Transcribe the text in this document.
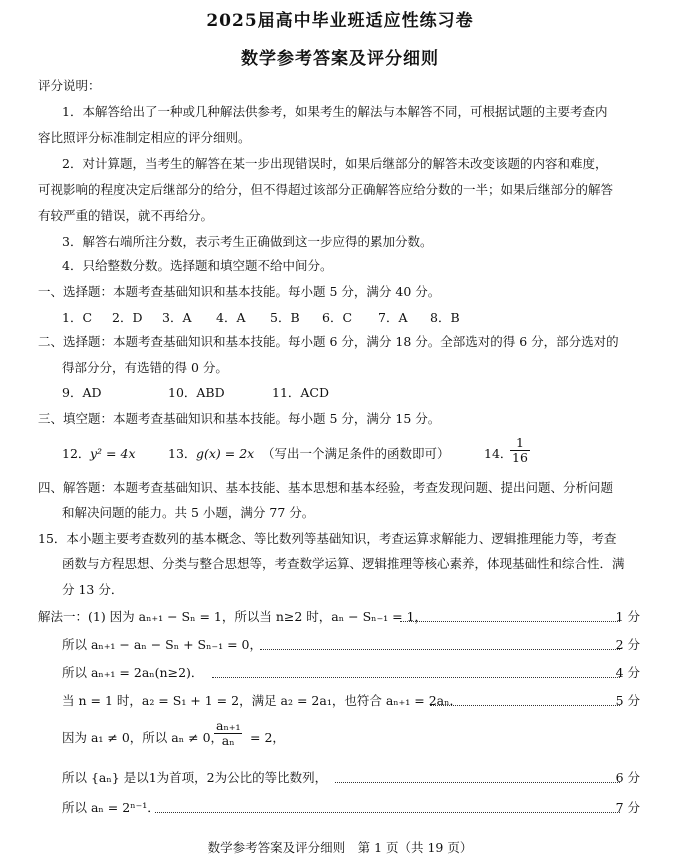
2025届高中毕业班适应性练习卷
数学参考答案及评分细则
评分说明：
1．本解答给出了一种或几种解法供参考，如果考生的解法与本解答不同，可根据试题的主要考查内
容比照评分标准制定相应的评分细则。
2．对计算题，当考生的解答在某一步出现错误时，如果后继部分的解答未改变该题的内容和难度，
可视影响的程度决定后继部分的给分，但不得超过该部分正确解答应给分数的一半；如果后继部分的解答
有较严重的错误，就不再给分。
3．解答右端所注分数，表示考生正确做到这一步应得的累加分数。
4．只给整数分数。选择题和填空题不给中间分。
一、选择题：本题考查基础知识和基本技能。每小题 5 分，满分 40 分。
1．C 2．D 3．A 4．A 5．B 6．C 7．A 8．B
二、选择题：本题考查基础知识和基本技能。每小题 6 分，满分 18 分。全部选对的得 6 分，部分选对的
得部分分，有选错的得 0 分。
9．AD	10．ABD	11．ACD
三、填空题：本题考查基础知识和基本技能。每小题 5 分，满分 15 分。
12． y² = 4x	13． g(x) = 2x （写出一个满足条件的函数即可）	14．
$\frac{1}{16}$
四、解答题：本题考查基础知识、基本技能、基本思想和基本经验，考查发现问题、提出问题、分析问题
和解决问题的能力。共 5 小题，满分 77 分。
15．本小题主要考查数列的基本概念、等比数列等基础知识，考查运算求解能力、逻辑推理能力等，考查
函数与方程思想、分类与整合思想等，考查数学运算、逻辑推理等核心素养，体现基础性和综合性．满
分 13 分．
解法一：(1) 因为 aₙ₊₁ − Sₙ = 1，所以当 n≥2 时，aₙ − Sₙ₋₁ = 1，	1 分
所以 aₙ₊₁ − aₙ − Sₙ + Sₙ₋₁ = 0，	2 分
所以 aₙ₊₁ = 2aₙ(n≥2)．	4 分
当 n = 1 时，a₂ = S₁ + 1 = 2，满足 a₂ = 2a₁，也符合 aₙ₊₁ = 2aₙ．	5 分
因为 a₁ ≠ 0，所以 aₙ ≠ 0，
$\frac{\text{aₙ₊₁}}{\text{aₙ}} = 2$，
所以 {aₙ} 是以1为首项，2为公比的等比数列，	6 分
所以 aₙ = 2ⁿ⁻¹．	7 分
数学参考答案及评分细则　第 1 页（共 19 页）
